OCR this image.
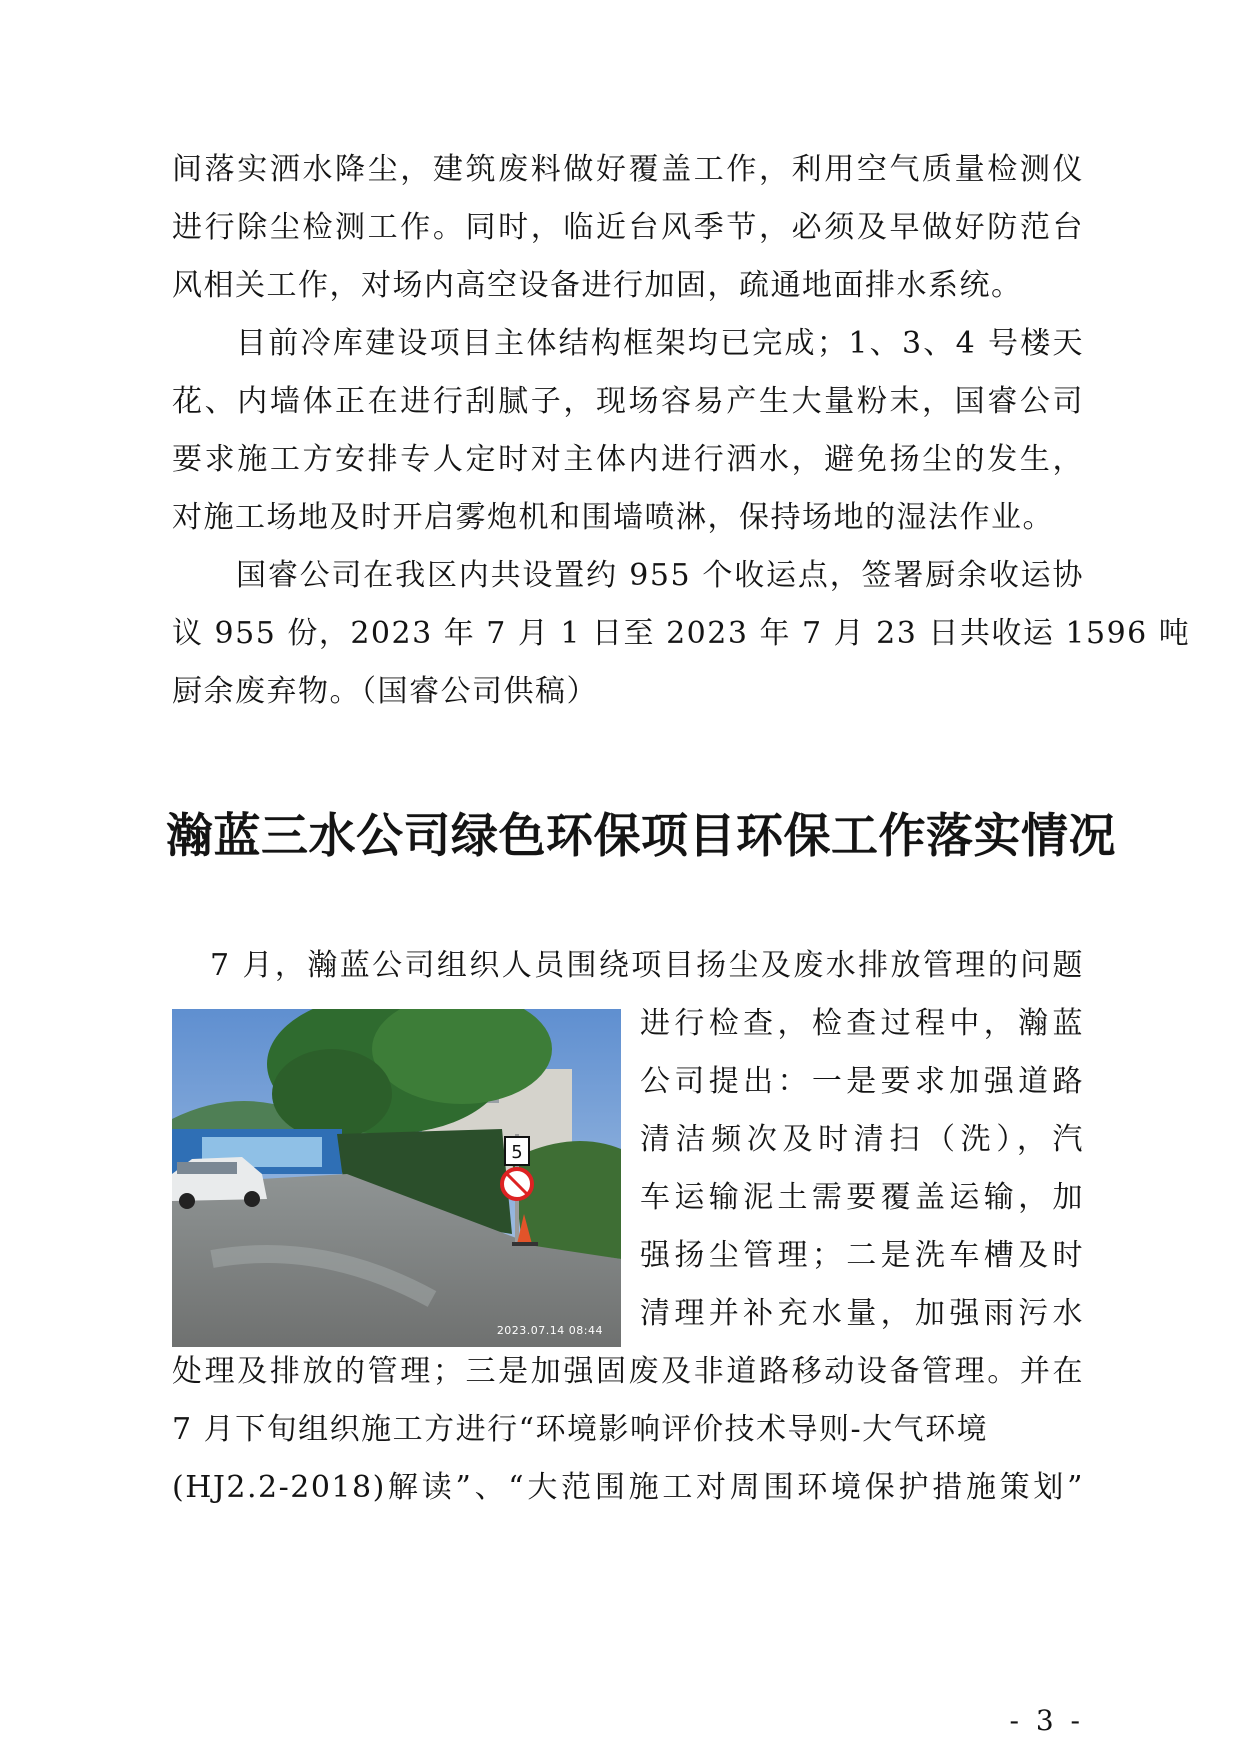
间落实洒水降尘，建筑废料做好覆盖工作，利用空气质量检测仪
进行除尘检测工作。同时，临近台风季节，必须及早做好防范台
风相关工作，对场内高空设备进行加固，疏通地面排水系统。
目前冷库建设项目主体结构框架均已完成；1、3、4 号楼天
花、内墙体正在进行刮腻子，现场容易产生大量粉末，国睿公司
要求施工方安排专人定时对主体内进行洒水，避免扬尘的发生，
对施工场地及时开启雾炮机和围墙喷淋，保持场地的湿法作业。
国睿公司在我区内共设置约 955 个收运点，签署厨余收运协
议 955 份，2023 年 7 月 1 日至 2023 年 7 月 23 日共收运 1596 吨
厨余废弃物。（国睿公司供稿）
瀚蓝三水公司绿色环保项目环保工作落实情况
7 月，瀚蓝公司组织人员围绕项目扬尘及废水排放管理的问题
5
2023.07.14 08:44
进行检查，检查过程中，瀚蓝
公司提出：一是要求加强道路
清洁频次及时清扫（洗），汽
车运输泥土需要覆盖运输，加
强扬尘管理；二是洗车槽及时
清理并补充水量，加强雨污水
处理及排放的管理；三是加强固废及非道路移动设备管理。并在
7 月下旬组织施工方进行“环境影响评价技术导则-大气环境
(HJ2.2-2018)解读”、“大范围施工对周围环境保护措施策划”
- 3 -
